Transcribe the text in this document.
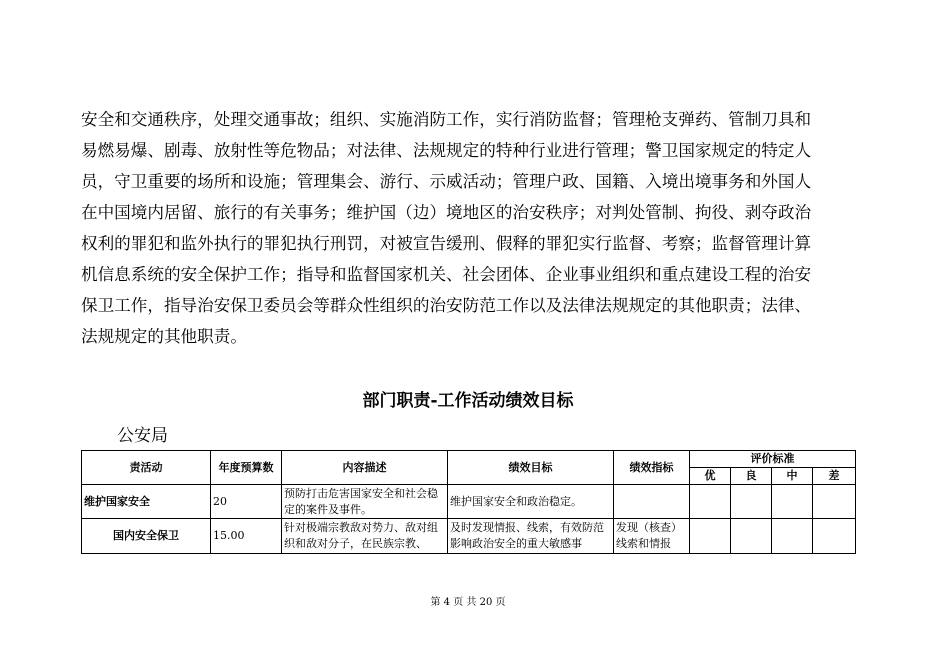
安全和交通秩序，处理交通事故；组织、实施消防工作，实行消防监督；管理枪支弹药、管制刀具和
易燃易爆、剧毒、放射性等危物品；对法律、法规规定的特种行业进行管理；警卫国家规定的特定人
员，守卫重要的场所和设施；管理集会、游行、示威活动；管理户政、国籍、入境出境事务和外国人
在中国境内居留、旅行的有关事务；维护国（边）境地区的治安秩序；对判处管制、拘役、剥夺政治
权利的罪犯和监外执行的罪犯执行刑罚，对被宣告缓刑、假释的罪犯实行监督、考察；监督管理计算
机信息系统的安全保护工作；指导和监督国家机关、社会团体、企业事业组织和重点建设工程的治安
保卫工作，指导治安保卫委员会等群众性组织的治安防范工作以及法律法规规定的其他职责；法律、
法规规定的其他职责。
部门职责-工作活动绩效目标
公安局
责活动	年度预算数	内容描述	绩效目标	绩效指标	评价标准			
					优	良	中	差
维护国家安全	20	预防打击危害国家安全和社会稳定的案件及事件。	维护国家安全和政治稳定。					
国内安全保卫	15.00	针对极端宗教敌对势力、敌对组织和敌对分子，在民族宗教、	及时发现情报、线索，有效防范影响政治安全的重大敏感事	发现（核查）线索和情报				

第 4 页 共 20 页
